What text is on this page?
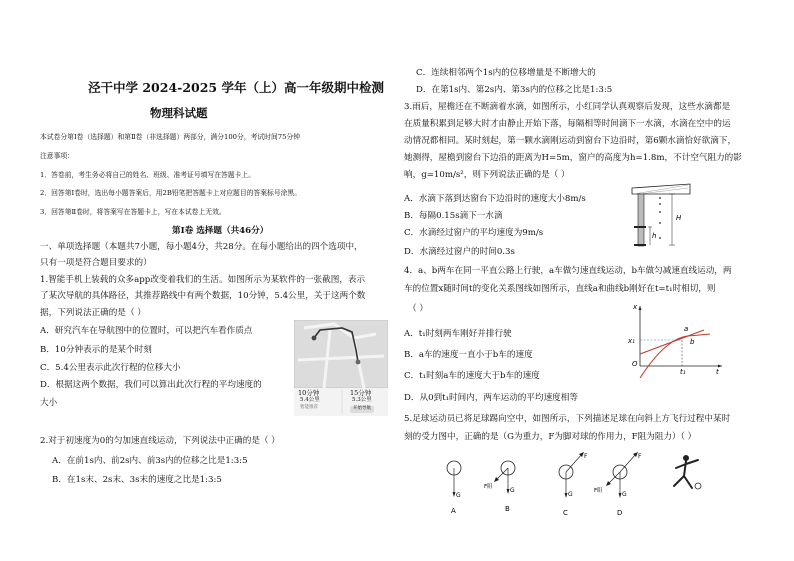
泾干中学 2024-2025 学年（上）高一年级期中检测
物理科试题
本试卷分第Ⅰ卷（选择题）和第Ⅱ卷（非选择题）两部分，满分100分，考试时间75分钟
注意事项：
1．答卷前，考生务必将自己的姓名、班级、准考证号填写在答题卡上。
2．回答第Ⅰ卷时，选出每小题答案后，用2B铅笔把答题卡上对应题目的答案标号涂黑。
3．回答第Ⅱ卷时，将答案写在答题卡上，写在本试卷上无效。
第Ⅰ卷 选择题（共46分）
一、单项选择题（本题共7小题，每小题4分，共28分。在每小题给出的四个选项中，
只有一项是符合题目要求的）
1.智能手机上装载的众多app改变着我们的生活。如图所示为某软件的一张截图，表示
了某次导航的具体路径，其推荐路线中有两个数据，10分钟，5.4公里，关于这两个数
据，下列说法正确的是（ ）
A．研究汽车在导航图中的位置时，可以把汽车看作质点
B．10分钟表示的是某个时刻
C．5.4公里表示此次行程的位移大小
D．根据这两个数据，我们可以算出此次行程的平均速度的
大小
10分钟
5.4公里
智能推荐
15分钟
5.3公里
开始导航
2.对于初速度为0的匀加速直线运动，下列说法中正确的是（ ）
A．在前1s内、前2s内、前3s内的位移之比是1:3:5
B．在1s末、2s末、3s末的速度之比是1:3:5
C．连续相邻两个1s内的位移增量是不断增大的
D．在第1s内、第2s内、第3s内的位移之比是1:3:5
3.雨后，屋檐还在不断滴着水滴，如图所示，小红同学认真观察后发现，这些水滴都是
在质量积累到足够大时才由静止开始下落，每隔相等时间滴下一水滴，水滴在空中的运
动情况都相同。某时刻起，第一颗水滴刚运动到窗台下边沿时，第6颗水滴恰好欲滴下，
她测得，屋檐到窗台下边沿的距离为H=5m，窗户的高度为h=1.8m，不计空气阻力的影
响，g=10m/s²，则下列说法正确的是（ ）
A．水滴下落到达窗台下边沿时的速度大小8m/s
B．每隔0.15s滴下一水滴
C．水滴经过窗户的平均速度为9m/s
D．水滴经过窗户的时间0.3s
H
h
4．a、b两车在同一平直公路上行驶，a车做匀速直线运动，b车做匀减速直线运动，两
车的位置x随时间t的变化关系图线如图所示，直线a和曲线b刚好在t=t₁时相切，则
（ ）
A．t₁时刻两车刚好并排行驶
B．a车的速度一直小于b车的速度
C．t₁时刻a车的速度大于b车的速度
D．从0到t₁时间内，两车运动的平均速度相等
x
t
x₁
t₁
O
a
b
5.足球运动员已将足球踢向空中，如图所示，下列描述足球在向斜上方飞行过程中某时
刻的受力图中，正确的是（G为重力，F为脚对球的作用力，F阻为阻力）（ ）
G
A
G
F阻
B
G
F
C
G
F
F阻
D
